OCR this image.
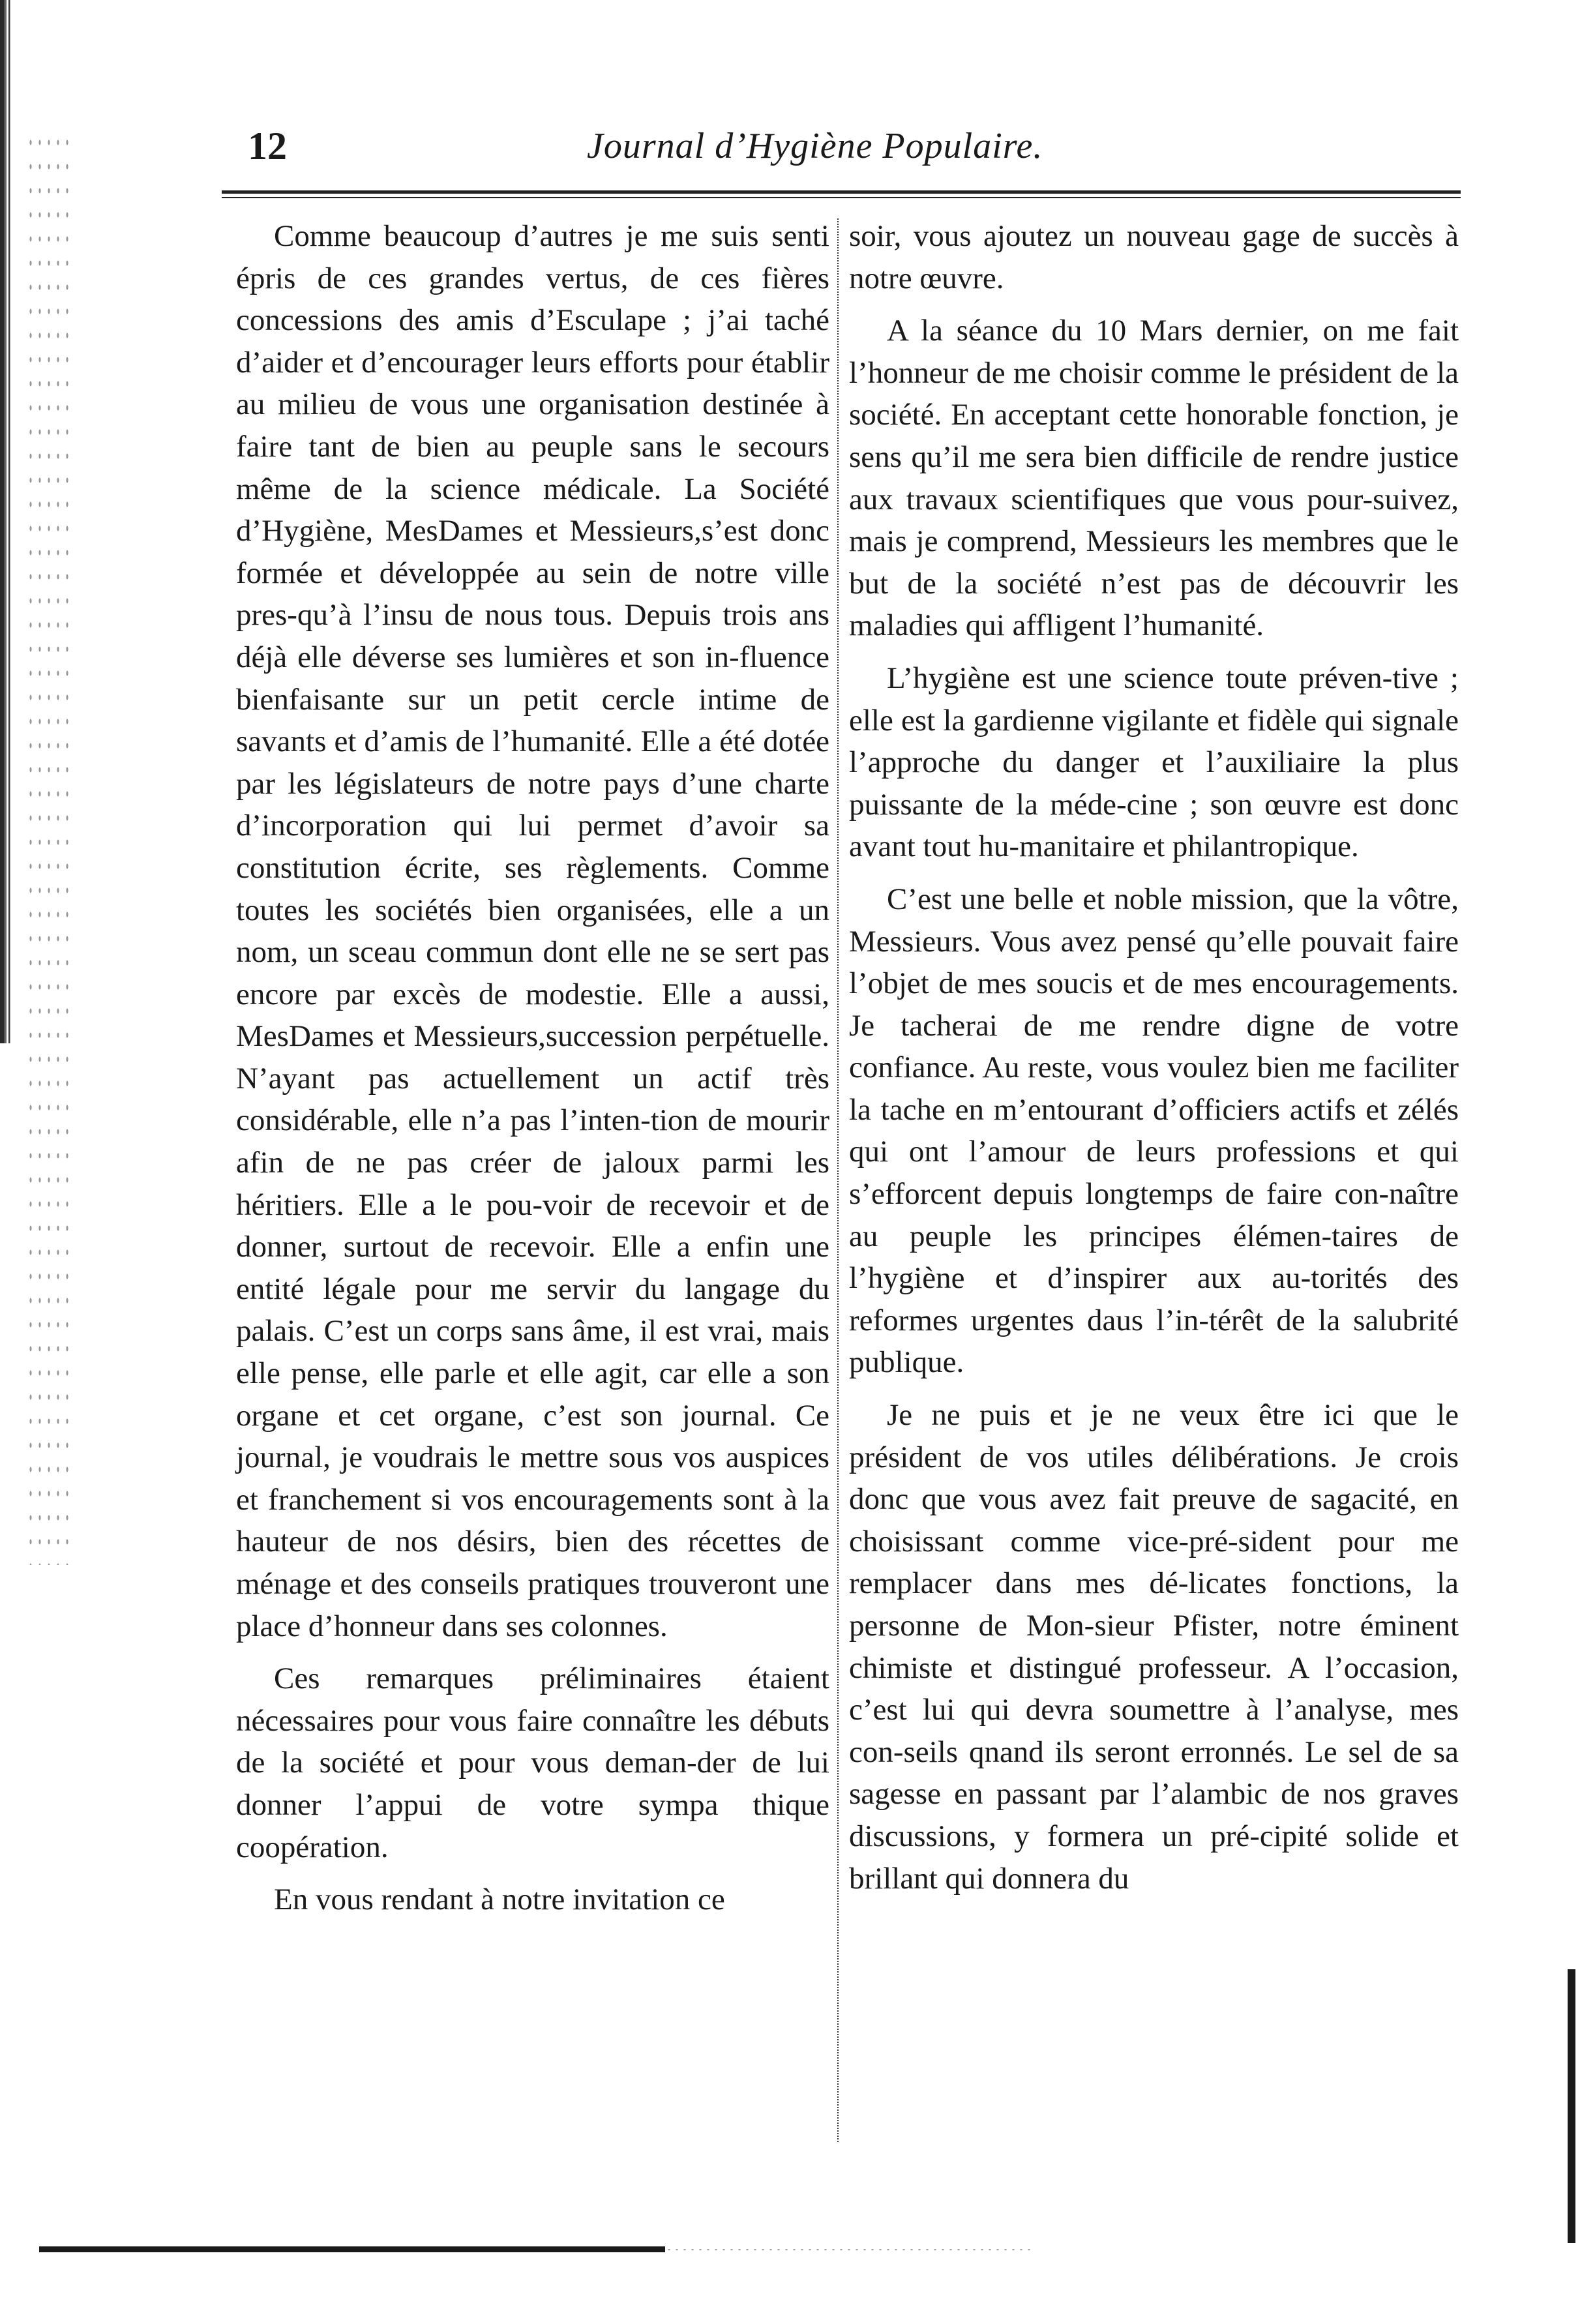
12	Journal d’Hygiène Populaire.

Comme beaucoup d’autres je me suis senti épris de ces grandes vertus, de ces fières concessions des amis d’Esculape ; j’ai taché d’aider et d’encourager leurs efforts pour établir au milieu de vous une organisation destinée à faire tant de bien au peuple sans le secours même de la science médicale. La Société d’Hygiène, MesDames et Messieurs,s’est donc formée et développée au sein de notre ville pres-qu’à l’insu de nous tous. Depuis trois ans déjà elle déverse ses lumières et son in-fluence bienfaisante sur un petit cercle intime de savants et d’amis de l’humanité. Elle a été dotée par les législateurs de notre pays d’une charte d’incorporation qui lui permet d’avoir sa constitution écrite, ses règlements. Comme toutes les sociétés bien organisées, elle a un nom, un sceau commun dont elle ne se sert pas encore par excès de modestie. Elle a aussi, MesDames et Messieurs,succession perpétuelle. N’ayant pas actuellement un actif très considérable, elle n’a pas l’inten-tion de mourir afin de ne pas créer de jaloux parmi les héritiers. Elle a le pou-voir de recevoir et de donner, surtout de recevoir. Elle a enfin une entité légale pour me servir du langage du palais. C’est un corps sans âme, il est vrai, mais elle pense, elle parle et elle agit, car elle a son organe et cet organe, c’est son journal. Ce journal, je voudrais le mettre sous vos auspices et franchement si vos encouragements sont à la hauteur de nos désirs, bien des récettes de ménage et des conseils pratiques trouveront une place d’honneur dans ses colonnes.

Ces remarques préliminaires étaient nécessaires pour vous faire connaître les débuts de la société et pour vous deman-der de lui donner l’appui de votre sympa thique coopération.

En vous rendant à notre invitation ce

soir, vous ajoutez un nouveau gage de succès à notre œuvre.

A la séance du 10 Mars dernier, on me fait l’honneur de me choisir comme le président de la société. En acceptant cette honorable fonction, je sens qu’il me sera bien difficile de rendre justice aux travaux scientifiques que vous pour-suivez, mais je comprend, Messieurs les membres que le but de la société n’est pas de découvrir les maladies qui affligent l’humanité.

L’hygiène est une science toute préven-tive ; elle est la gardienne vigilante et fidèle qui signale l’approche du danger et l’auxiliaire la plus puissante de la méde-cine ; son œuvre est donc avant tout hu-manitaire et philantropique.

C’est une belle et noble mission, que la vôtre, Messieurs. Vous avez pensé qu’elle pouvait faire l’objet de mes soucis et de mes encouragements. Je tacherai de me rendre digne de votre confiance. Au reste, vous voulez bien me faciliter la tache en m’entourant d’officiers actifs et zélés qui ont l’amour de leurs professions et qui s’efforcent depuis longtemps de faire con-naître au peuple les principes élémen-taires de l’hygiène et d’inspirer aux au-torités des reformes urgentes daus l’in-térêt de la salubrité publique.

Je ne puis et je ne veux être ici que le président de vos utiles délibérations. Je crois donc que vous avez fait preuve de sagacité, en choisissant comme vice-pré-sident pour me remplacer dans mes dé-licates fonctions, la personne de Mon-sieur Pfister, notre éminent chimiste et distingué professeur. A l’occasion, c’est lui qui devra soumettre à l’analyse, mes con-seils qnand ils seront erronnés. Le sel de sa sagesse en passant par l’alambic de nos graves discussions, y formera un pré-cipité solide et brillant qui donnera du
